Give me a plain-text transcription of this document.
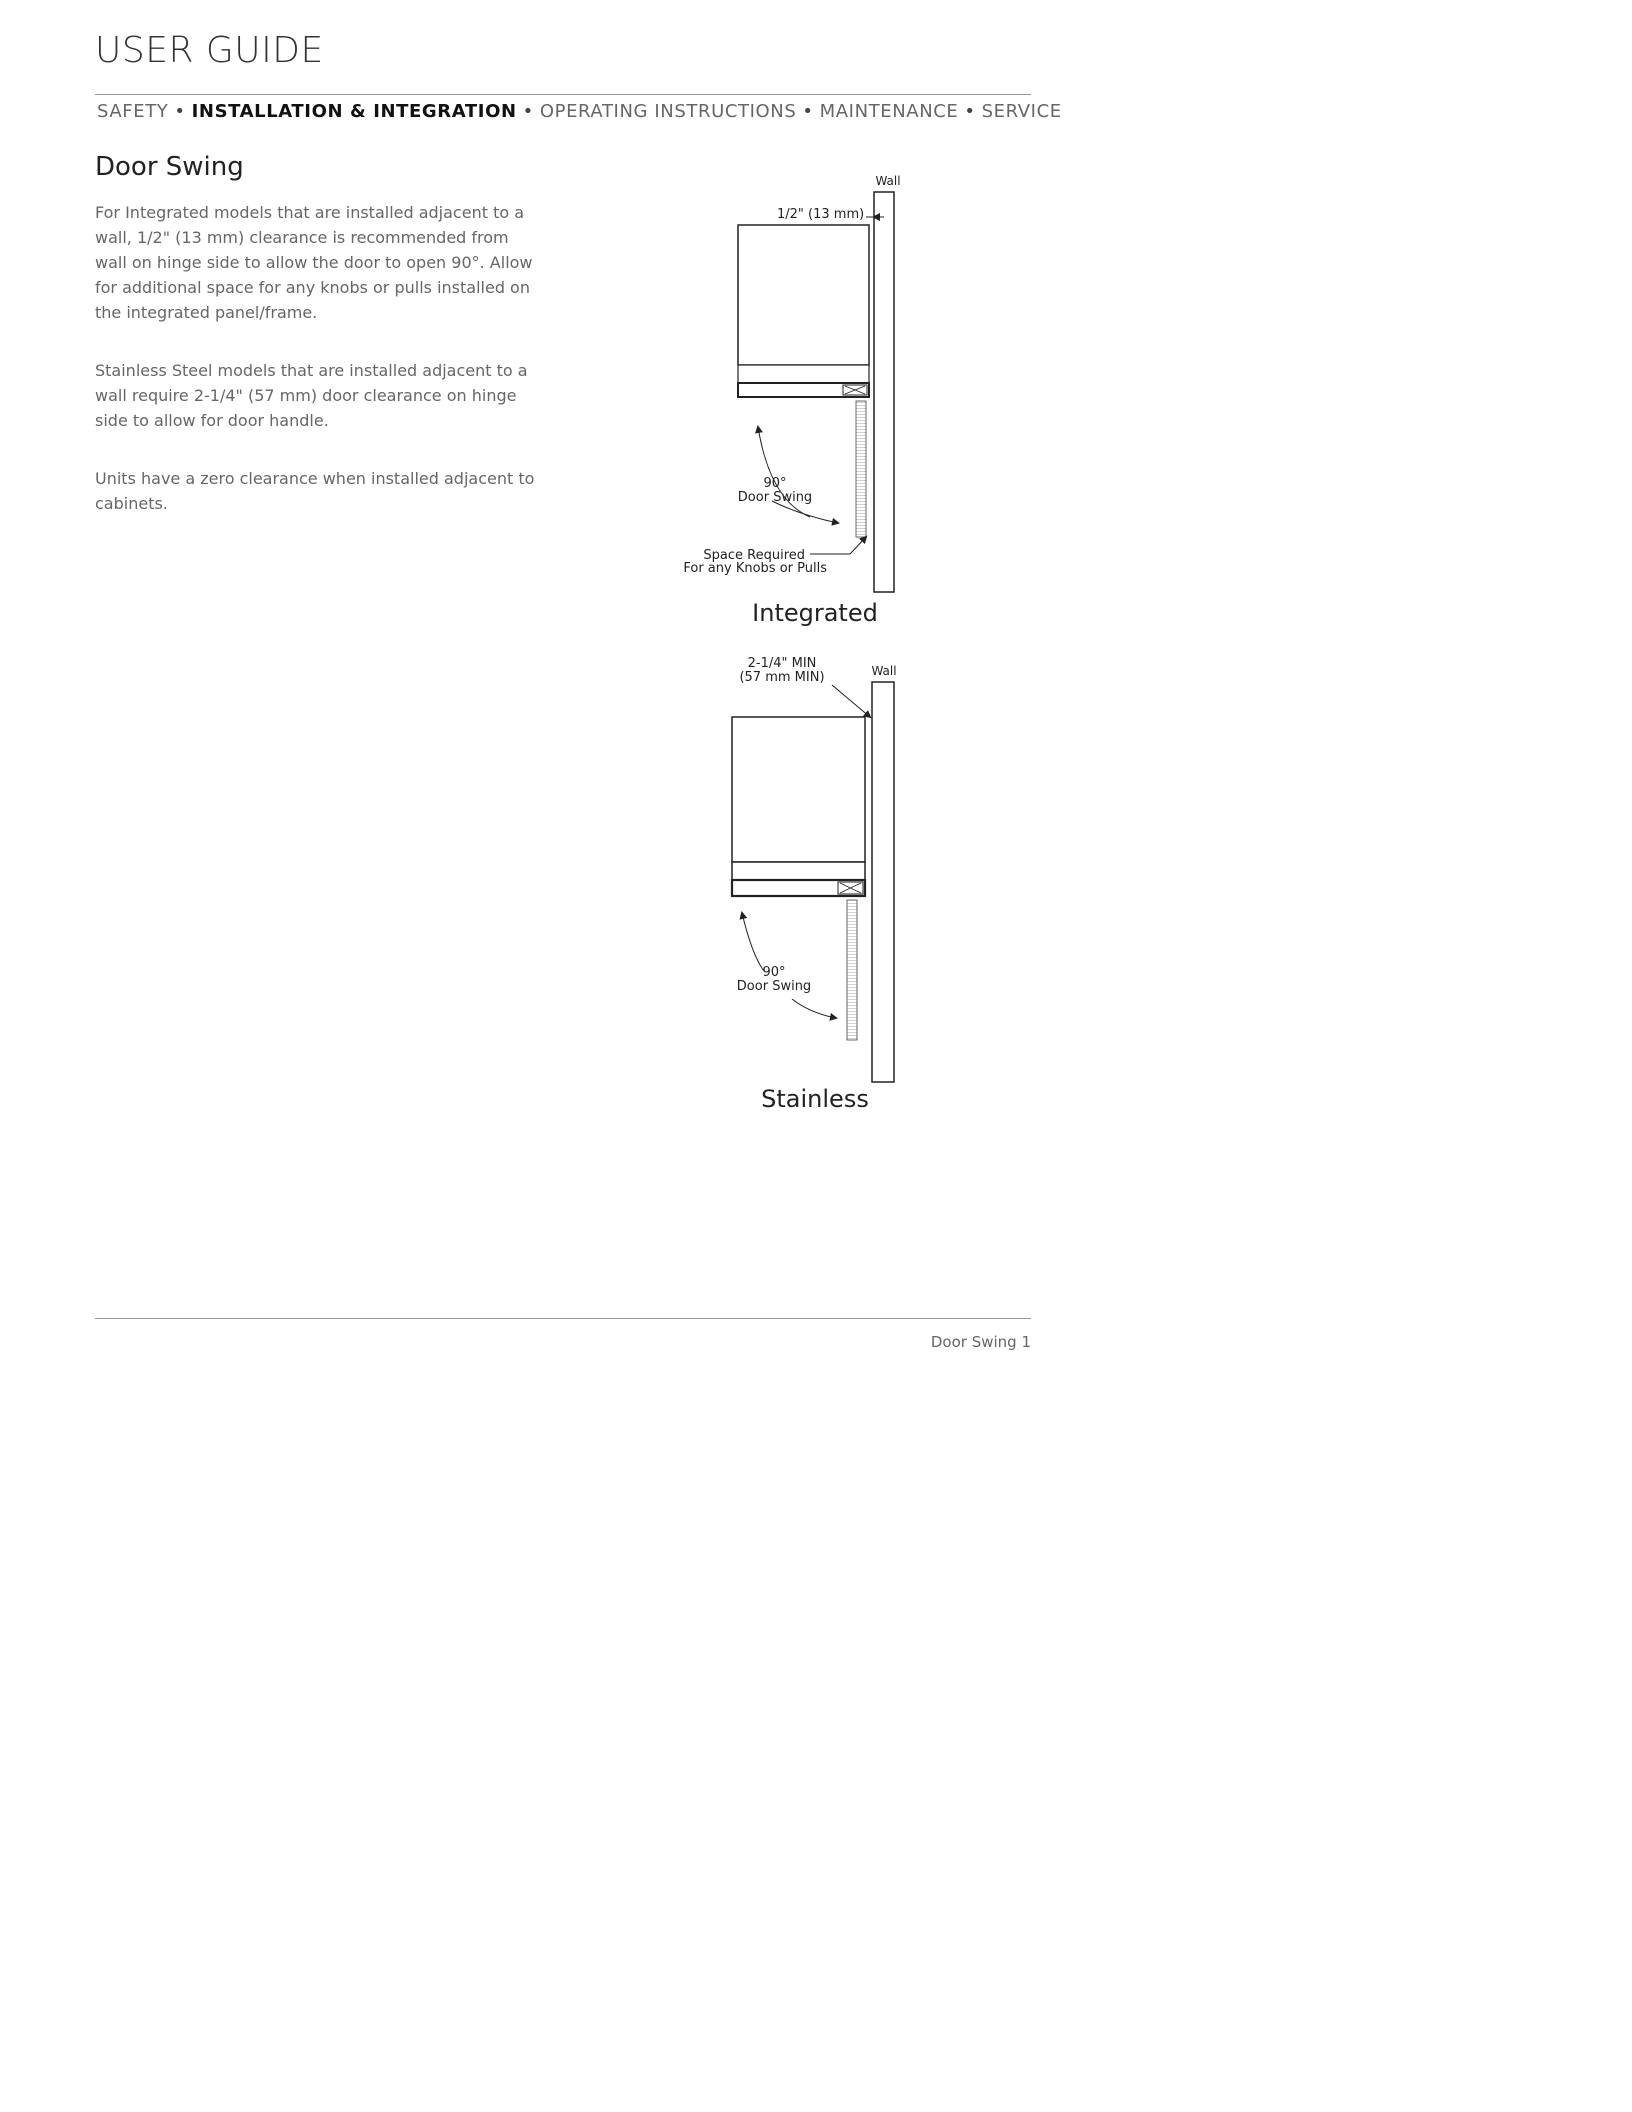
USER GUIDE
SAFETY • INSTALLATION & INTEGRATION • OPERATING INSTRUCTIONS • MAINTENANCE • SERVICE
Door Swing
For Integrated models that are installed adjacent to a wall, 1/2" (13 mm) clearance is recommended from wall on hinge side to allow the door to open 90°. Allow for additional space for any knobs or pulls installed on the integrated panel/frame.
Stainless Steel models that are installed adjacent to a wall require 2-1/4" (57 mm) door clearance on hinge side to allow for door handle.
Units have a zero clearance when installed adjacent to cabinets.
Wall
1/2" (13 mm)
90°
Door Swing
Space Required
For any Knobs or Pulls
Integrated
Wall
2-1/4" MIN
(57 mm MIN)
90°
Door Swing
Stainless
Door Swing 1
